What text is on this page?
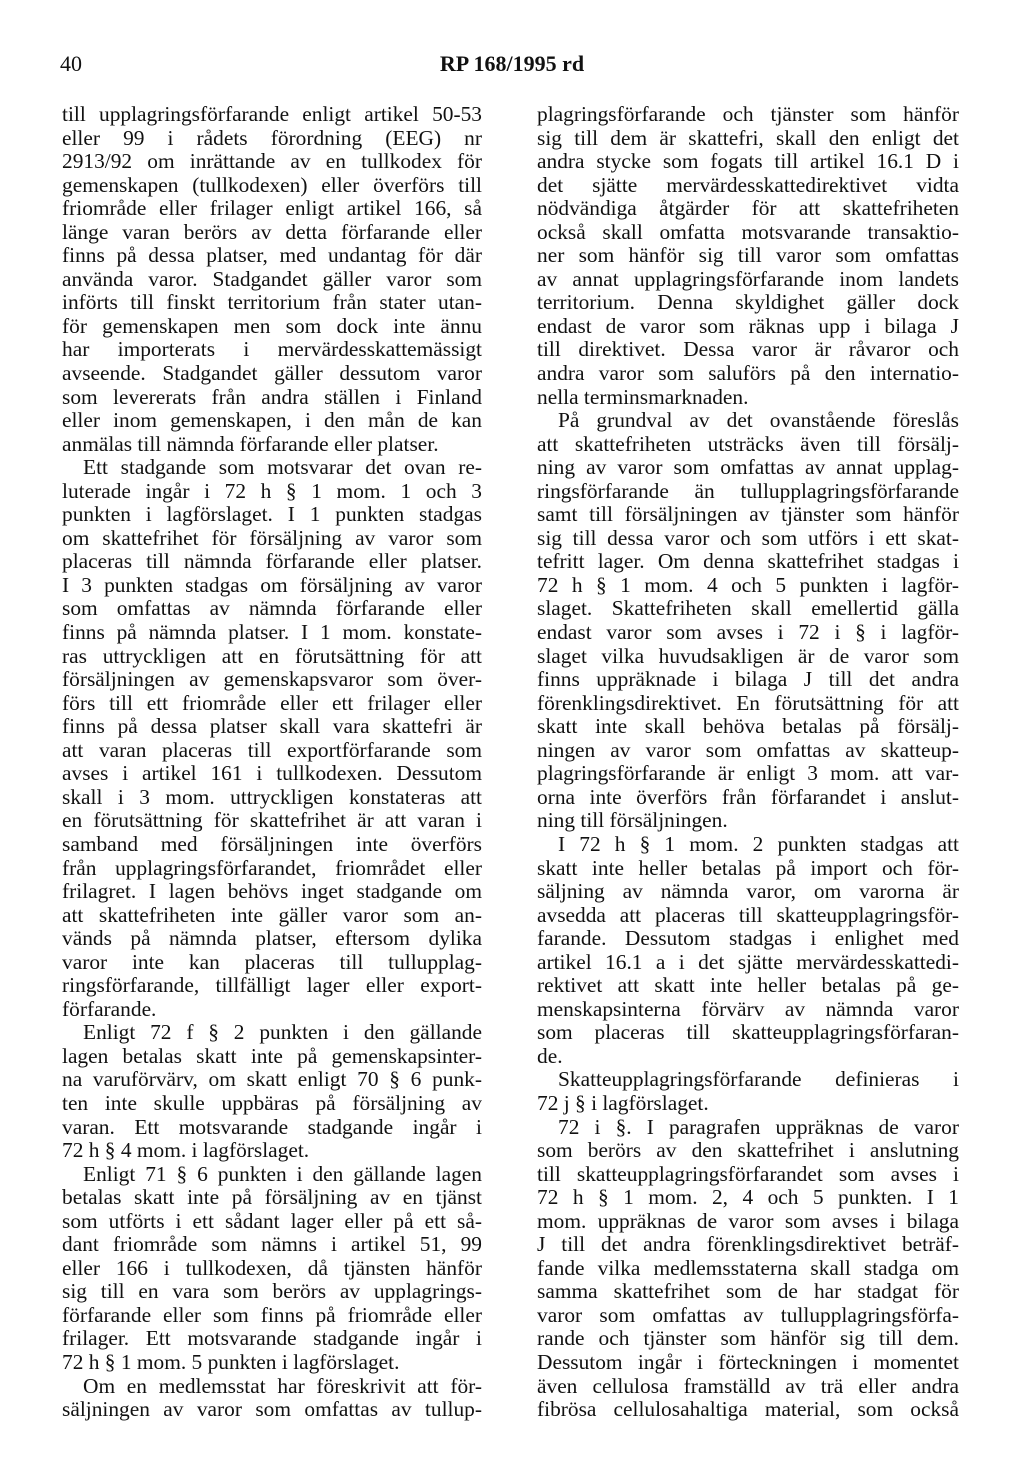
40	RP 168/1995 rd
till upplagringsförfarande enligt artikel 50-53
eller 99 i rådets förordning (EEG) nr
2913/92 om inrättande av en tullkodex för
gemenskapen (tullkodexen) eller överförs till
friområde eller frilager enligt artikel 166, så
länge varan berörs av detta förfarande eller
finns på dessa platser, med undantag för där
använda varor. Stadgandet gäller varor som
införts till finskt territorium från stater utan-
för gemenskapen men som dock inte ännu
har importerats i mervärdesskattemässigt
avseende. Stadgandet gäller dessutom varor
som levererats från andra ställen i Finland
eller inom gemenskapen, i den mån de kan
anmälas till nämnda förfarande eller platser.
Ett stadgande som motsvarar det ovan re-
luterade ingår i 72 h § 1 mom. 1 och 3
punkten i lagförslaget. I 1 punkten stadgas
om skattefrihet för försäljning av varor som
placeras till nämnda förfarande eller platser.
I 3 punkten stadgas om försäljning av varor
som omfattas av nämnda förfarande eller
finns på nämnda platser. I 1 mom. konstate-
ras uttryckligen att en förutsättning för att
försäljningen av gemenskapsvaror som över-
förs till ett friområde eller ett frilager eller
finns på dessa platser skall vara skattefri är
att varan placeras till exportförfarande som
avses i artikel 161 i tullkodexen. Dessutom
skall i 3 mom. uttryckligen konstateras att
en förutsättning för skattefrihet är att varan i
samband med försäljningen inte överförs
från upplagringsförfarandet, friområdet eller
frilagret. I lagen behövs inget stadgande om
att skattefriheten inte gäller varor som an-
vänds på nämnda platser, eftersom dylika
varor inte kan placeras till tullupplag-
ringsförfarande, tillfälligt lager eller export-
förfarande.
Enligt 72 f § 2 punkten i den gällande
lagen betalas skatt inte på gemenskapsinter-
na varuförvärv, om skatt enligt 70 § 6 punk-
ten inte skulle uppbäras på försäljning av
varan. Ett motsvarande stadgande ingår i
72 h § 4 mom. i lagförslaget.
Enligt 71 § 6 punkten i den gällande lagen
betalas skatt inte på försäljning av en tjänst
som utförts i ett sådant lager eller på ett så-
dant friområde som nämns i artikel 51, 99
eller 166 i tullkodexen, då tjänsten hänför
sig till en vara som berörs av upplagrings-
förfarande eller som finns på friområde eller
frilager. Ett motsvarande stadgande ingår i
72 h § 1 mom. 5 punkten i lagförslaget.
Om en medlemsstat har föreskrivit att för-
säljningen av varor som omfattas av tullup-
plagringsförfarande och tjänster som hänför
sig till dem är skattefri, skall den enligt det
andra stycke som fogats till artikel 16.1 D i
det sjätte mervärdesskattedirektivet vidta
nödvändiga åtgärder för att skattefriheten
också skall omfatta motsvarande transaktio-
ner som hänför sig till varor som omfattas
av annat upplagringsförfarande inom landets
territorium. Denna skyldighet gäller dock
endast de varor som räknas upp i bilaga J
till direktivet. Dessa varor är råvaror och
andra varor som saluförs på den internatio-
nella terminsmarknaden.
På grundval av det ovanstående föreslås
att skattefriheten utsträcks även till försälj-
ning av varor som omfattas av annat upplag-
ringsförfarande än tullupplagringsförfarande
samt till försäljningen av tjänster som hänför
sig till dessa varor och som utförs i ett skat-
tefritt lager. Om denna skattefrihet stadgas i
72 h § 1 mom. 4 och 5 punkten i lagför-
slaget. Skattefriheten skall emellertid gälla
endast varor som avses i 72 i § i lagför-
slaget vilka huvudsakligen är de varor som
finns uppräknade i bilaga J till det andra
förenklingsdirektivet. En förutsättning för att
skatt inte skall behöva betalas på försälj-
ningen av varor som omfattas av skatteup-
plagringsförfarande är enligt 3 mom. att var-
orna inte överförs från förfarandet i anslut-
ning till försäljningen.
I 72 h § 1 mom. 2 punkten stadgas att
skatt inte heller betalas på import och för-
säljning av nämnda varor, om varorna är
avsedda att placeras till skatteupplagringsför-
farande. Dessutom stadgas i enlighet med
artikel 16.1 a i det sjätte mervärdesskattedi-
rektivet att skatt inte heller betalas på ge-
menskapsinterna förvärv av nämnda varor
som placeras till skatteupplagringsförfaran-
de.
Skatteupplagringsförfarande definieras i
72 j § i lagförslaget.
72 i §. I paragrafen uppräknas de varor
som berörs av den skattefrihet i anslutning
till skatteupplagringsförfarandet som avses i
72 h § 1 mom. 2, 4 och 5 punkten. I 1
mom. uppräknas de varor som avses i bilaga
J till det andra förenklingsdirektivet beträf-
fande vilka medlemsstaterna skall stadga om
samma skattefrihet som de har stadgat för
varor som omfattas av tullupplagringsförfa-
rande och tjänster som hänför sig till dem.
Dessutom ingår i förteckningen i momentet
även cellulosa framställd av trä eller andra
fibrösa cellulosahaltiga material, som också
